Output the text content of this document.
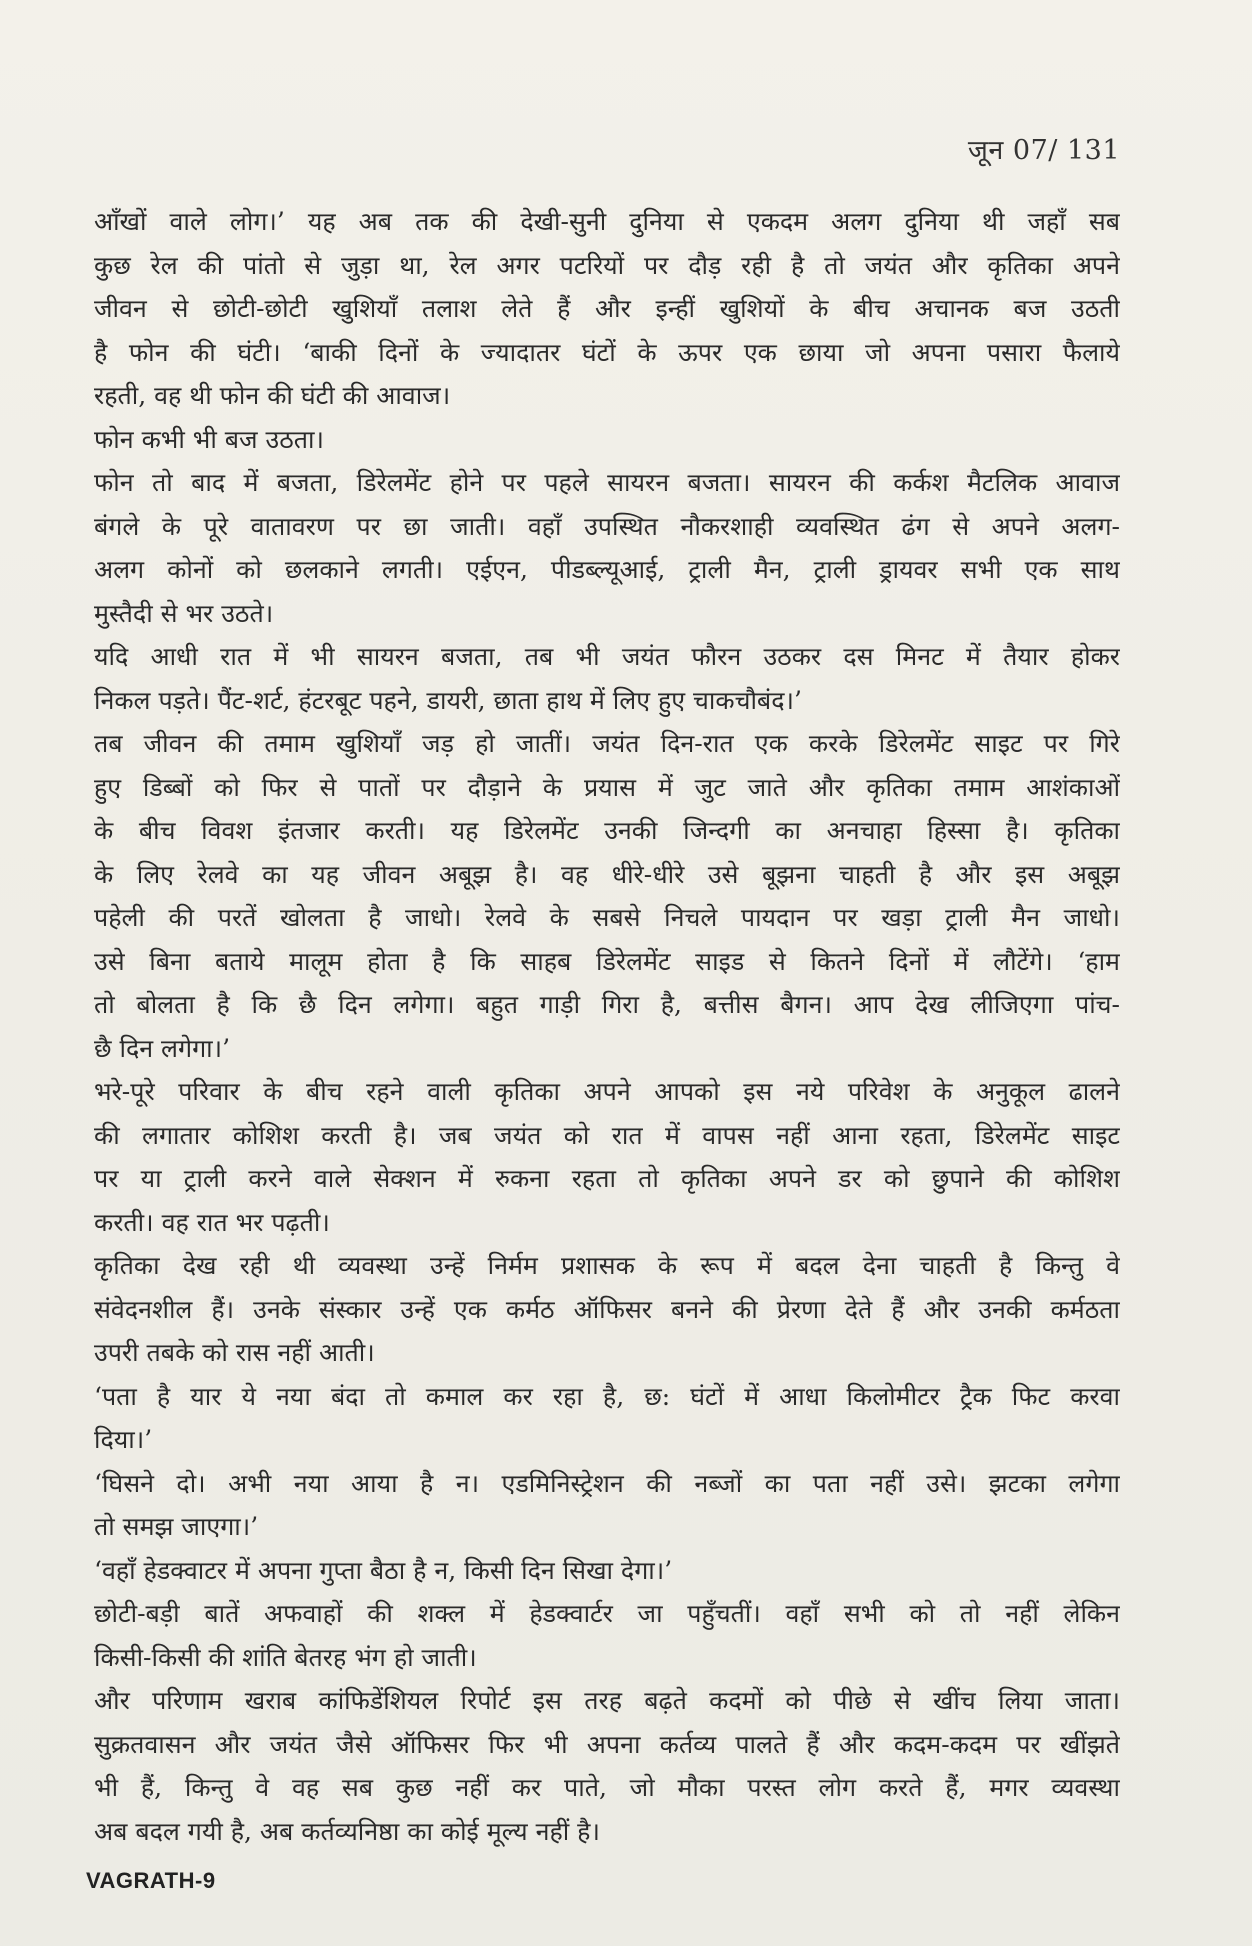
जून 07/ 131
आँखों वाले लोग।’ यह अब तक की देखी-सुनी दुनिया से एकदम अलग दुनिया थी जहाँ सब
कुछ रेल की पांतो से जुड़ा था, रेल अगर पटरियों पर दौड़ रही है तो जयंत और कृतिका अपने
जीवन से छोटी-छोटी खुशियाँ तलाश लेते हैं और इन्हीं खुशियों के बीच अचानक बज उठती
है फोन की घंटी। ‘बाकी दिनों के ज्यादातर घंटों के ऊपर एक छाया जो अपना पसारा फैलाये
रहती, वह थी फोन की घंटी की आवाज।
फोन कभी भी बज उठता।
फोन तो बाद में बजता, डिरेलमेंट होने पर पहले सायरन बजता। सायरन की कर्कश मैटलिक आवाज
बंगले के पूरे वातावरण पर छा जाती। वहाँ उपस्थित नौकरशाही व्यवस्थित ढंग से अपने अलग-
अलग कोनों को छलकाने लगती। एईएन, पीडब्ल्यूआई, ट्राली मैन, ट्राली ड्रायवर सभी एक साथ
मुस्तैदी से भर उठते।
यदि आधी रात में भी सायरन बजता, तब भी जयंत फौरन उठकर दस मिनट में तैयार होकर
निकल पड़ते। पैंट-शर्ट, हंटरबूट पहने, डायरी, छाता हाथ में लिए हुए चाकचौबंद।’
तब जीवन की तमाम खुशियाँ जड़ हो जातीं। जयंत दिन-रात एक करके डिरेलमेंट साइट पर गिरे
हुए डिब्बों को फिर से पातों पर दौड़ाने के प्रयास में जुट जाते और कृतिका तमाम आशंकाओं
के बीच विवश इंतजार करती। यह डिरेलमेंट उनकी जिन्दगी का अनचाहा हिस्सा है। कृतिका
के लिए रेलवे का यह जीवन अबूझ है। वह धीरे-धीरे उसे बूझना चाहती है और इस अबूझ
पहेली की परतें खोलता है जाधो। रेलवे के सबसे निचले पायदान पर खड़ा ट्राली मैन जाधो।
उसे बिना बताये मालूम होता है कि साहब डिरेलमेंट साइड से कितने दिनों में लौटेंगे। ‘हाम
तो बोलता है कि छै दिन लगेगा। बहुत गाड़ी गिरा है, बत्तीस बैगन। आप देख लीजिएगा पांच-
छै दिन लगेगा।’
भरे-पूरे परिवार के बीच रहने वाली कृतिका अपने आपको इस नये परिवेश के अनुकूल ढालने
की लगातार कोशिश करती है। जब जयंत को रात में वापस नहीं आना रहता, डिरेलमेंट साइट
पर या ट्राली करने वाले सेक्शन में रुकना रहता तो कृतिका अपने डर को छुपाने की कोशिश
करती। वह रात भर पढ़ती।
कृतिका देख रही थी व्यवस्था उन्हें निर्मम प्रशासक के रूप में बदल देना चाहती है किन्तु वे
संवेदनशील हैं। उनके संस्कार उन्हें एक कर्मठ ऑफिसर बनने की प्रेरणा देते हैं और उनकी कर्मठता
उपरी तबके को रास नहीं आती।
‘पता है यार ये नया बंदा तो कमाल कर रहा है, छ: घंटों में आधा किलोमीटर ट्रैक फिट करवा
दिया।’
‘घिसने दो। अभी नया आया है न। एडमिनिस्ट्रेशन की नब्जों का पता नहीं उसे। झटका लगेगा
तो समझ जाएगा।’
‘वहाँ हेडक्वाटर में अपना गुप्ता बैठा है न, किसी दिन सिखा देगा।’
छोटी-बड़ी बातें अफवाहों की शक्ल में हेडक्वार्टर जा पहुँचतीं। वहाँ सभी को तो नहीं लेकिन
किसी-किसी की शांति बेतरह भंग हो जाती।
और परिणाम खराब कांफिडेंशियल रिपोर्ट इस तरह बढ़ते कदमों को पीछे से खींच लिया जाता।
सुक्रतवासन और जयंत जैसे ऑफिसर फिर भी अपना कर्तव्य पालते हैं और कदम-कदम पर खींझते
भी हैं, किन्तु वे वह सब कुछ नहीं कर पाते, जो मौका परस्त लोग करते हैं, मगर व्यवस्था
अब बदल गयी है, अब कर्तव्यनिष्ठा का कोई मूल्य नहीं है।
VAGRATH-9
